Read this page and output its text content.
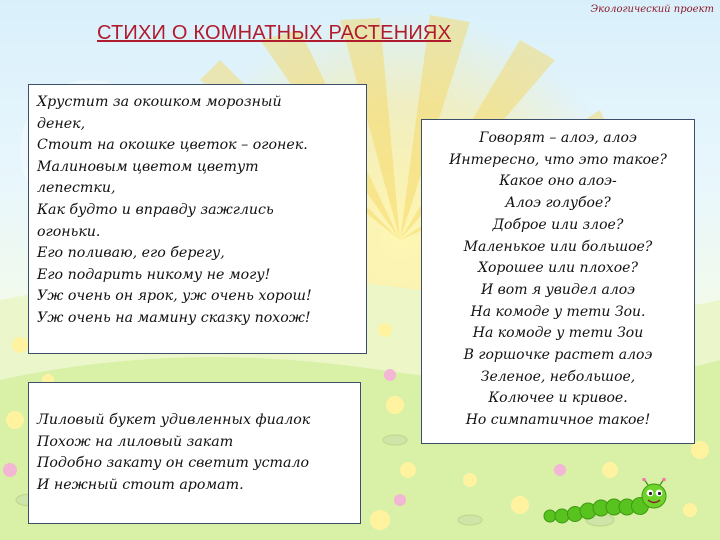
Экологический проект
СТИХИ О КОМНАТНЫХ РАСТЕНИЯХ
Хрустит за окошком морозный
денек,
Стоит на окошке цветок – огонек.
Малиновым цветом цветут
лепестки,
Как будто и вправду зажглись
огоньки.
Его поливаю, его берегу,
Его подарить никому не могу!
Уж очень он ярок, уж очень хорош!
Уж очень на мамину сказку похож!
Говорят – алоэ, алоэ
Интересно, что это такое?
Какое оно алоэ-
Алоэ голубое?
Доброе или злое?
Маленькое или большое?
Хорошее или плохое?
И вот я увидел алоэ
На комоде у тети Зои.
На комоде у тети Зои
В горшочке растет алоэ
Зеленое, небольшое,
Колючее и кривое.
Но симпатичное такое!
Лиловый букет удивленных фиалок
Похож на лиловый закат
Подобно закату он светит устало
И нежный стоит аромат.
